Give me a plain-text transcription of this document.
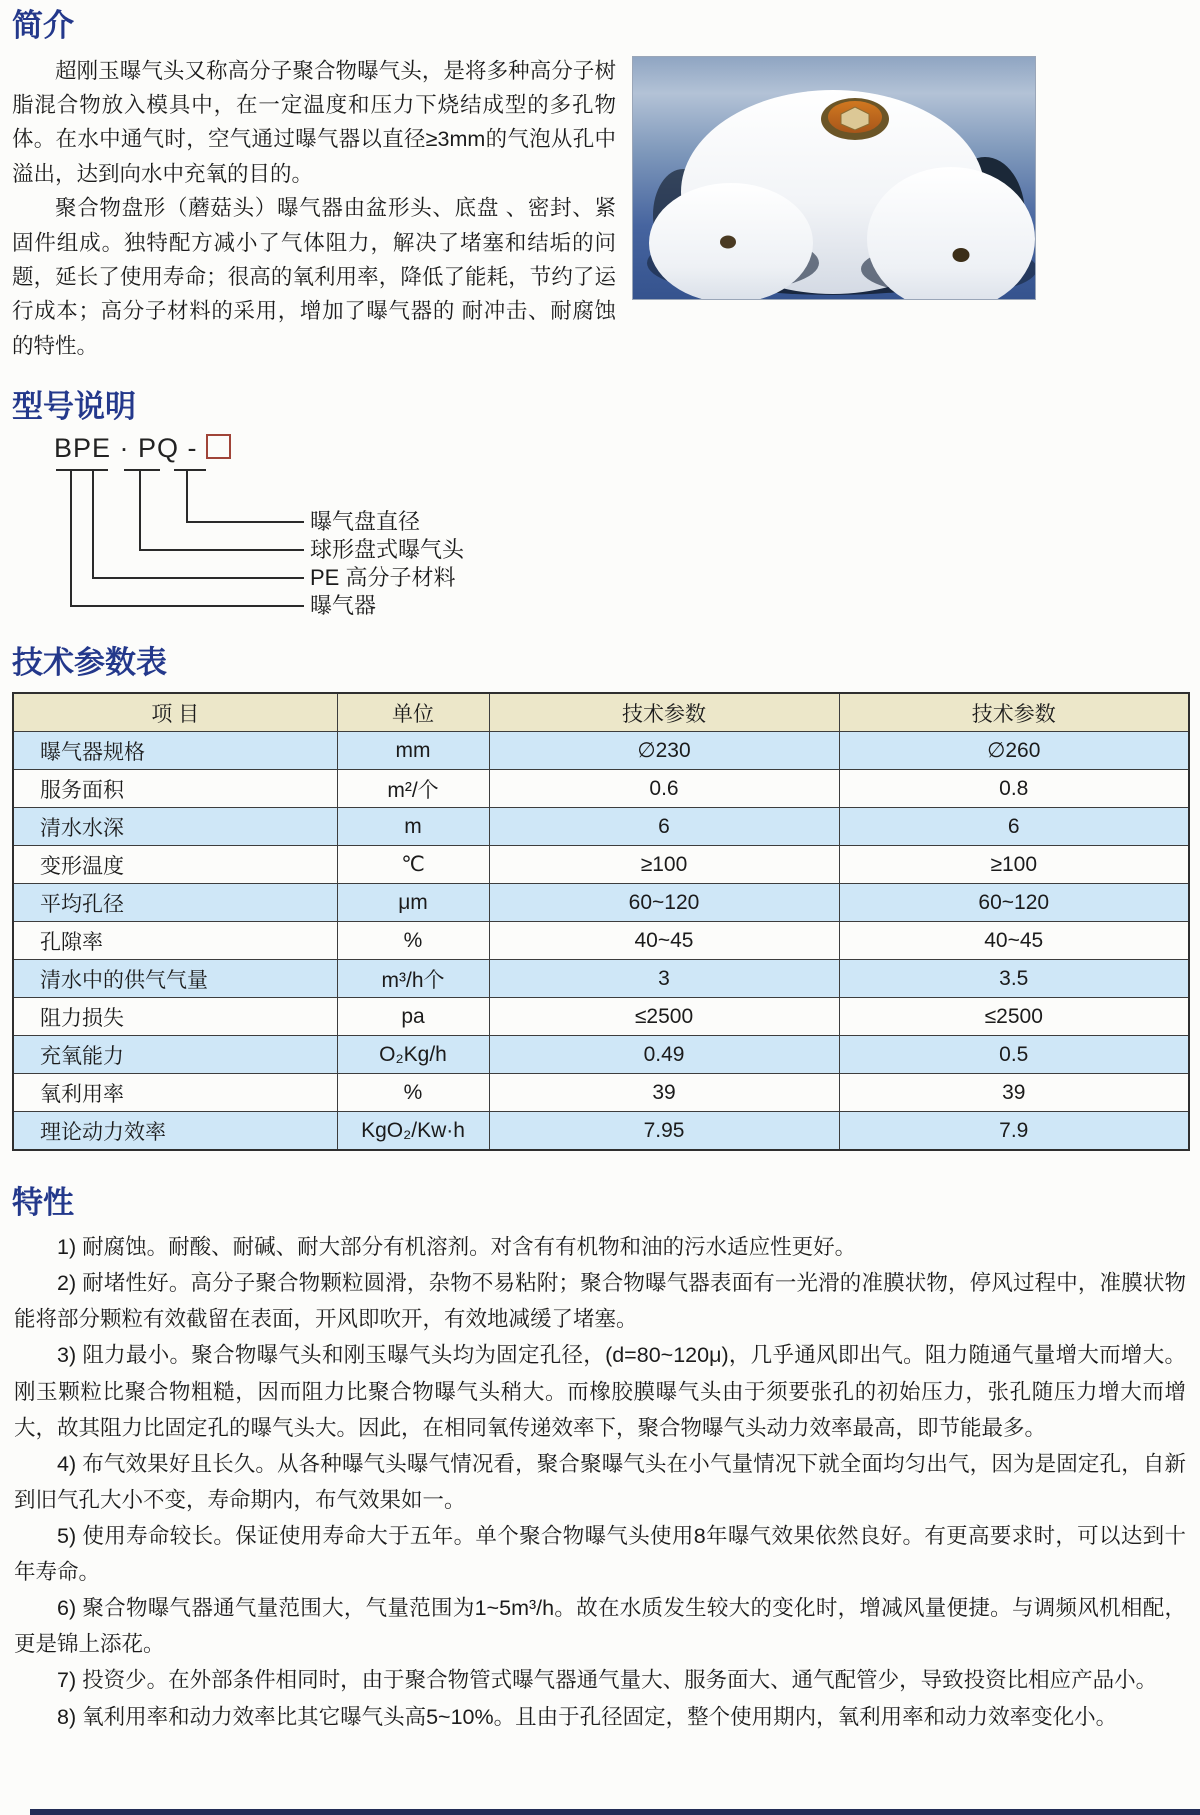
简介

超刚玉曝气头又称高分子聚合物曝气头，是将多种高分子树脂混合物放入模具中，在一定温度和压力下烧结成型的多孔物体。在水中通气时，空气通过曝气器以直径≥3mm的气泡从孔中溢出，达到向水中充氧的目的。

聚合物盘形（蘑菇头）曝气器由盆形头、底盘 、密封、紧固件组成。独特配方减小了气体阻力，解决了堵塞和结垢的问题，延长了使用寿命；很高的氧利用率，降低了能耗，节约了运行成本；高分子材料的采用，增加了曝气器的 耐冲击、耐腐蚀的特性。

型号说明
BPE · PQ -
曝气盘直径
球形盘式曝气头
PE 高分子材料
曝气器
技术参数表
项 目	单位	技术参数	技术参数
曝气器规格	mm	∅230	∅260
服务面积	m²/个	0.6	0.8
清水水深	m	6	6
变形温度	℃	≥100	≥100
平均孔径	μm	60~120	60~120
孔隙率	%	40~45	40~45
清水中的供气气量	m³/h个	3	3.5
阻力损失	pa	≤2500	≤2500
充氧能力	O₂Kg/h	0.49	0.5
氧利用率	%	39	39
理论动力效率	KgO₂/Kw·h	7.95	7.9
特性

1) 耐腐蚀。耐酸、耐碱、耐大部分有机溶剂。对含有有机物和油的污水适应性更好。

2) 耐堵性好。高分子聚合物颗粒圆滑，杂物不易粘附；聚合物曝气器表面有一光滑的准膜状物，停风过程中，准膜状物能将部分颗粒有效截留在表面，开风即吹开，有效地减缓了堵塞。

3) 阻力最小。聚合物曝气头和刚玉曝气头均为固定孔径，(d=80~120μ)，几乎通风即出气。阻力随通气量增大而增大。刚玉颗粒比聚合物粗糙，因而阻力比聚合物曝气头稍大。而橡胶膜曝气头由于须要张孔的初始压力，张孔随压力增大而增大，故其阻力比固定孔的曝气头大。因此，在相同氧传递效率下，聚合物曝气头动力效率最高，即节能最多。

4) 布气效果好且长久。从各种曝气头曝气情况看，聚合聚曝气头在小气量情况下就全面均匀出气，因为是固定孔，自新到旧气孔大小不变，寿命期内，布气效果如一。

5) 使用寿命较长。保证使用寿命大于五年。单个聚合物曝气头使用8年曝气效果依然良好。有更高要求时，可以达到十年寿命。

6) 聚合物曝气器通气量范围大，气量范围为1~5m³/h。故在水质发生较大的变化时，增减风量便捷。与调频风机相配，更是锦上添花。

7) 投资少。在外部条件相同时，由于聚合物管式曝气器通气量大、服务面大、通气配管少，导致投资比相应产品小。

8) 氧利用率和动力效率比其它曝气头高5~10%。且由于孔径固定，整个使用期内，氧利用率和动力效率变化小。
